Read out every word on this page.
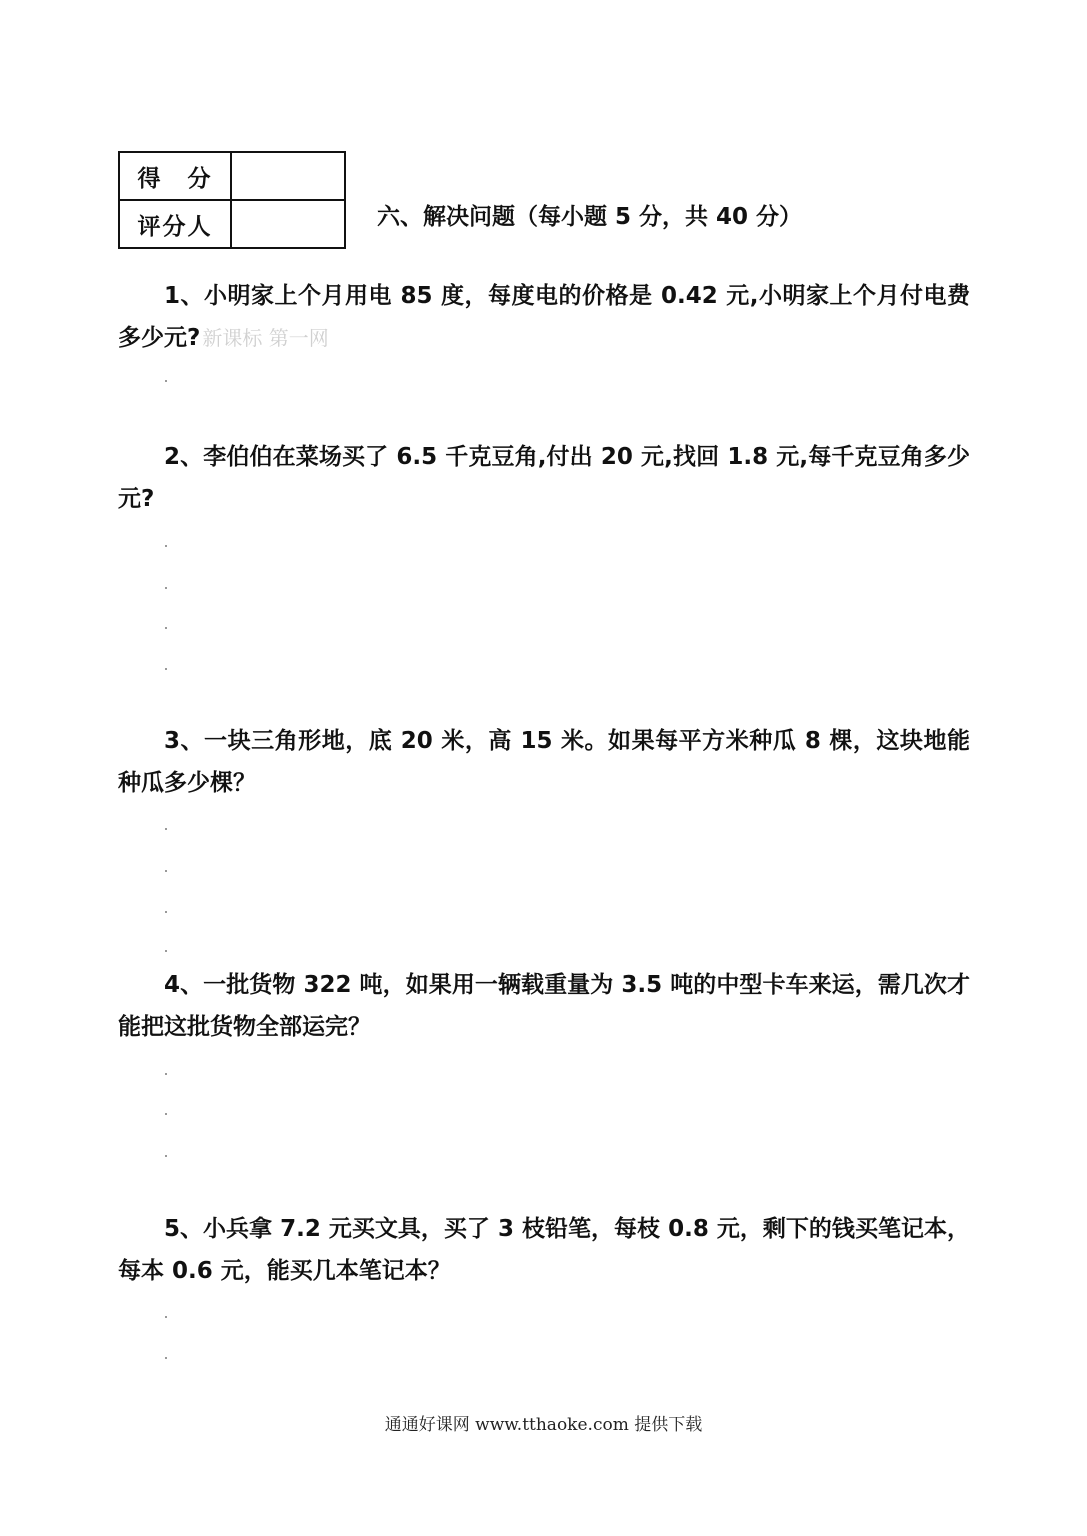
得　分	
评分人		六、解决问题（每小题 5 分，共 40 分）
1、小明家上个月用电 85 度，每度电的价格是 0.42 元,小明家上个月付电费多少元? 新课标 第一网
2、李伯伯在菜场买了 6.5 千克豆角,付出 20 元,找回 1.8 元,每千克豆角多少元?
3、一块三角形地，底 20 米，高 15 米。如果每平方米种瓜 8 棵，这块地能种瓜多少棵？
4、一批货物 322 吨，如果用一辆载重量为 3.5 吨的中型卡车来运，需几次才能把这批货物全部运完？
5、小兵拿 7.2 元买文具，买了 3 枝铅笔，每枝 0.8 元，剩下的钱买笔记本，每本 0.6 元，能买几本笔记本？
通通好课网 www.tthaoke.com 提供下载
